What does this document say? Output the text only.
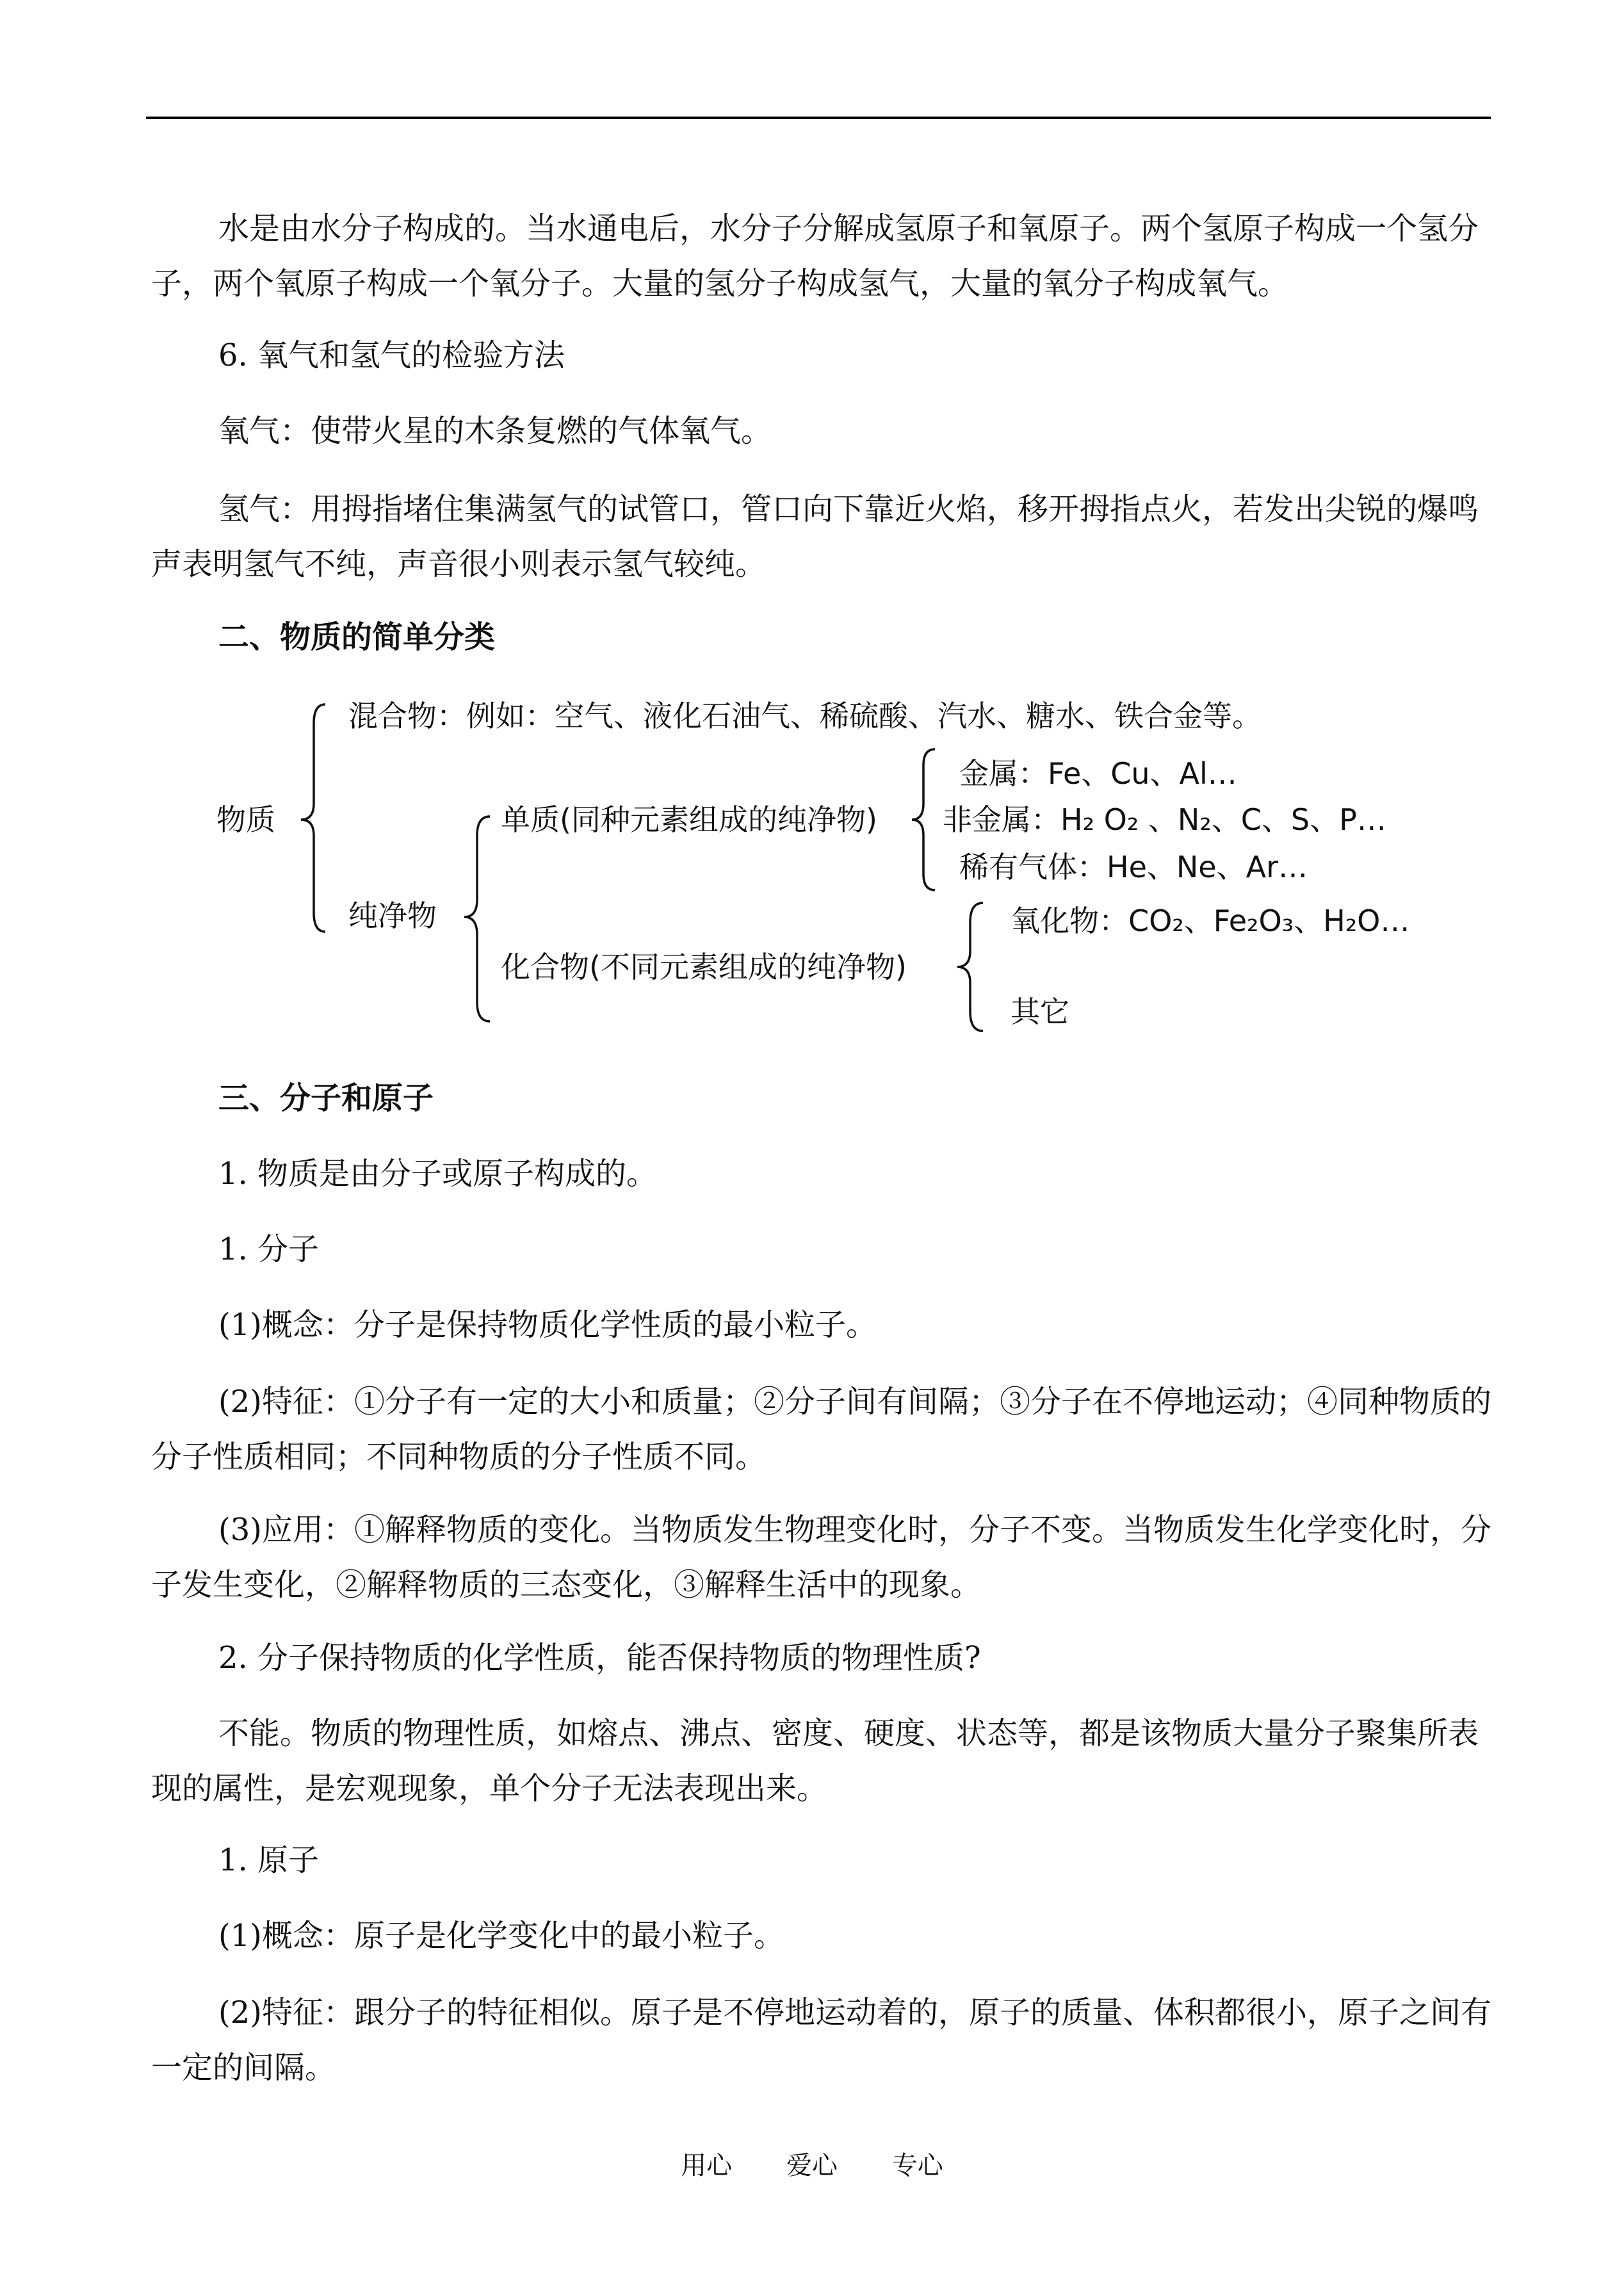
水是由水分子构成的。当水通电后，水分子分解成氢原子和氧原子。两个氢原子构成一个氢分子，两个氧原子构成一个氧分子。大量的氢分子构成氢气，大量的氧分子构成氧气。

6. 氧气和氢气的检验方法

氧气：使带火星的木条复燃的气体氧气。

氢气：用拇指堵住集满氢气的试管口，管口向下靠近火焰，移开拇指点火，若发出尖锐的爆鸣声表明氢气不纯，声音很小则表示氢气较纯。

二、物质的简单分类

物质
混合物：例如：空气、液化石油气、稀硫酸、汽水、糖水、铁合金等。
纯净物
单质(同种元素组成的纯净物)
金属：Fe、Cu、Al…
非金属：H₂ O₂ 、N₂、C、S、P…
稀有气体：He、Ne、Ar…
化合物(不同元素组成的纯净物)
氧化物：CO₂、Fe₂O₃、H₂O…
其它

三、分子和原子

1. 物质是由分子或原子构成的。

1. 分子

(1)概念：分子是保持物质化学性质的最小粒子。

(2)特征：①分子有一定的大小和质量；②分子间有间隔；③分子在不停地运动；④同种物质的分子性质相同；不同种物质的分子性质不同。

(3)应用：①解释物质的变化。当物质发生物理变化时，分子不变。当物质发生化学变化时，分子发生变化，②解释物质的三态变化，③解释生活中的现象。

2. 分子保持物质的化学性质，能否保持物质的物理性质?

不能。物质的物理性质，如熔点、沸点、密度、硬度、状态等，都是该物质大量分子聚集所表现的属性，是宏观现象，单个分子无法表现出来。

1. 原子

(1)概念：原子是化学变化中的最小粒子。

(2)特征：跟分子的特征相似。原子是不停地运动着的，原子的质量、体积都很小，原子之间有一定的间隔。

用心 爱心 专心
